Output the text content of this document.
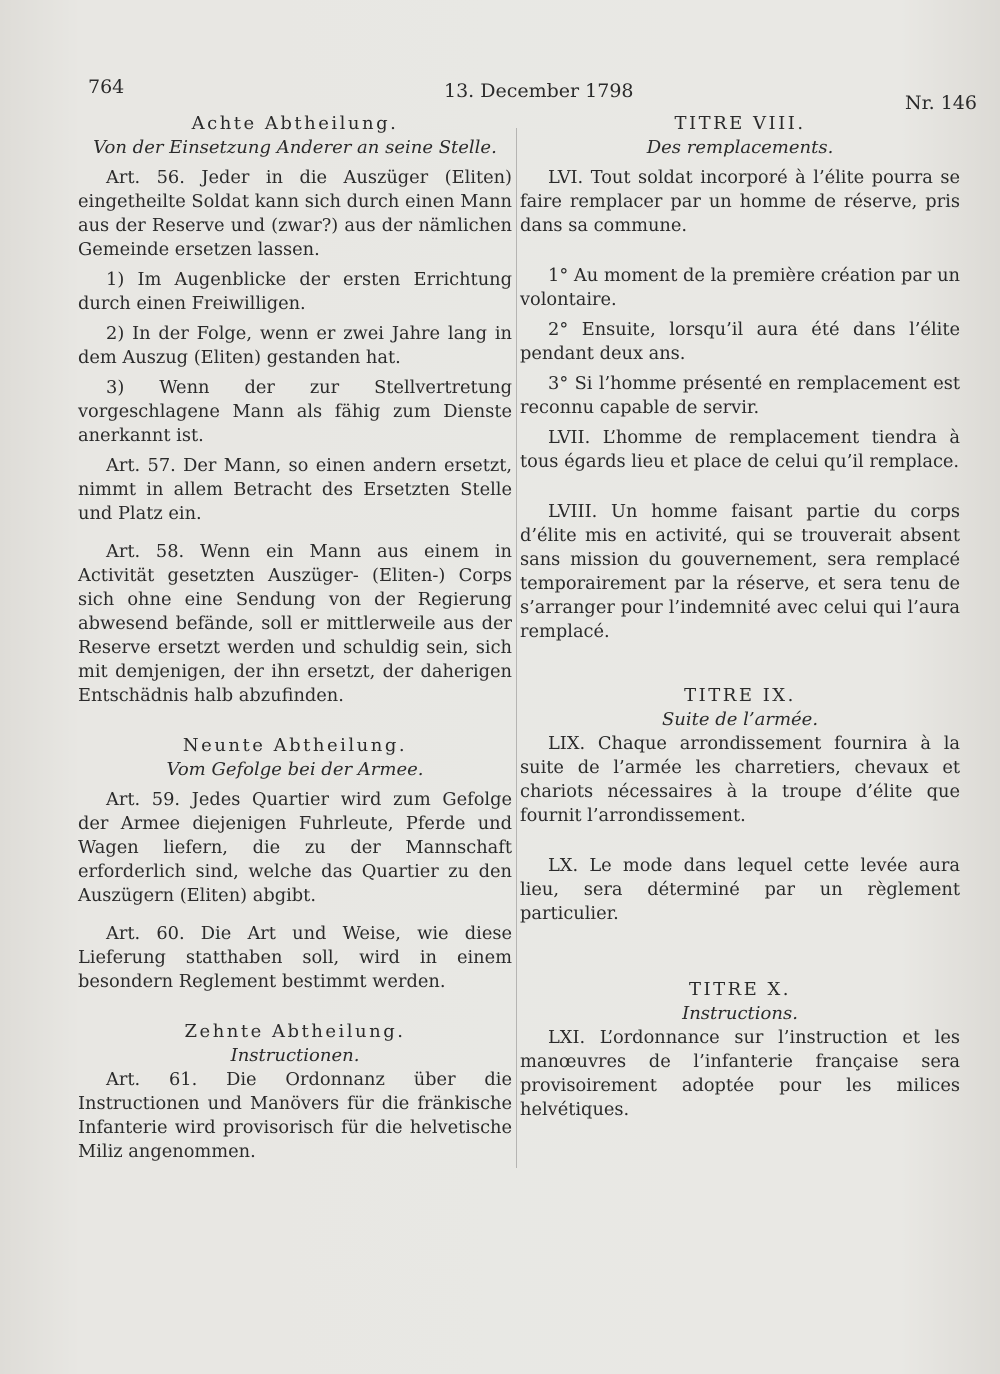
764	13. December 1798
Nr. 146
Achte Abtheilung.
Von der Einsetzung Anderer an seine Stelle.

Art. 56. Jeder in die Auszüger (Eliten) eingetheilte Soldat kann sich durch einen Mann aus der Reserve und (zwar?) aus der nämlichen Gemeinde ersetzen lassen.

1) Im Augenblicke der ersten Errichtung durch einen Freiwilligen.

2) In der Folge, wenn er zwei Jahre lang in dem Auszug (Eliten) gestanden hat.

3) Wenn der zur Stellvertretung vorgeschlagene Mann als fähig zum Dienste anerkannt ist.

Art. 57. Der Mann, so einen andern ersetzt, nimmt in allem Betracht des Ersetzten Stelle und Platz ein.

Art. 58. Wenn ein Mann aus einem in Activität gesetzten Auszüger- (Eliten-) Corps sich ohne eine Sendung von der Regierung abwesend befände, soll er mittlerweile aus der Reserve ersetzt werden und schuldig sein, sich mit demjenigen, der ihn ersetzt, der daherigen Entschädnis halb abzufinden.

Neunte Abtheilung.
Vom Gefolge bei der Armee.

Art. 59. Jedes Quartier wird zum Gefolge der Armee diejenigen Fuhrleute, Pferde und Wagen liefern, die zu der Mannschaft erforderlich sind, welche das Quartier zu den Auszügern (Eliten) abgibt.

Art. 60. Die Art und Weise, wie diese Lieferung statthaben soll, wird in einem besondern Reglement bestimmt werden.

Zehnte Abtheilung.
Instructionen.

Art. 61. Die Ordonnanz über die Instructionen und Manövers für die fränkische Infanterie wird provisorisch für die helvetische Miliz angenommen.

TITRE VIII.
Des remplacements.

LVI. Tout soldat incorporé à l’élite pourra se faire remplacer par un homme de réserve, pris dans sa commune.

1° Au moment de la première création par un volontaire.

2° Ensuite, lorsqu’il aura été dans l’élite pendant deux ans.

3° Si l’homme présenté en remplacement est reconnu capable de servir.

LVII. L’homme de remplacement tiendra à tous égards lieu et place de celui qu’il remplace.

LVIII. Un homme faisant partie du corps d’élite mis en activité, qui se trouverait absent sans mission du gouvernement, sera remplacé temporairement par la réserve, et sera tenu de s’arranger pour l’indemnité avec celui qui l’aura remplacé.

TITRE IX.
Suite de l’armée.

LIX. Chaque arrondissement fournira à la suite de l’armée les charretiers, chevaux et chariots nécessaires à la troupe d’élite que fournit l’arrondissement.

LX. Le mode dans lequel cette levée aura lieu, sera déterminé par un règlement particulier.

TITRE X.
Instructions.

LXI. L’ordonnance sur l’instruction et les manœuvres de l’infanterie française sera provisoirement adoptée pour les milices helvétiques.
